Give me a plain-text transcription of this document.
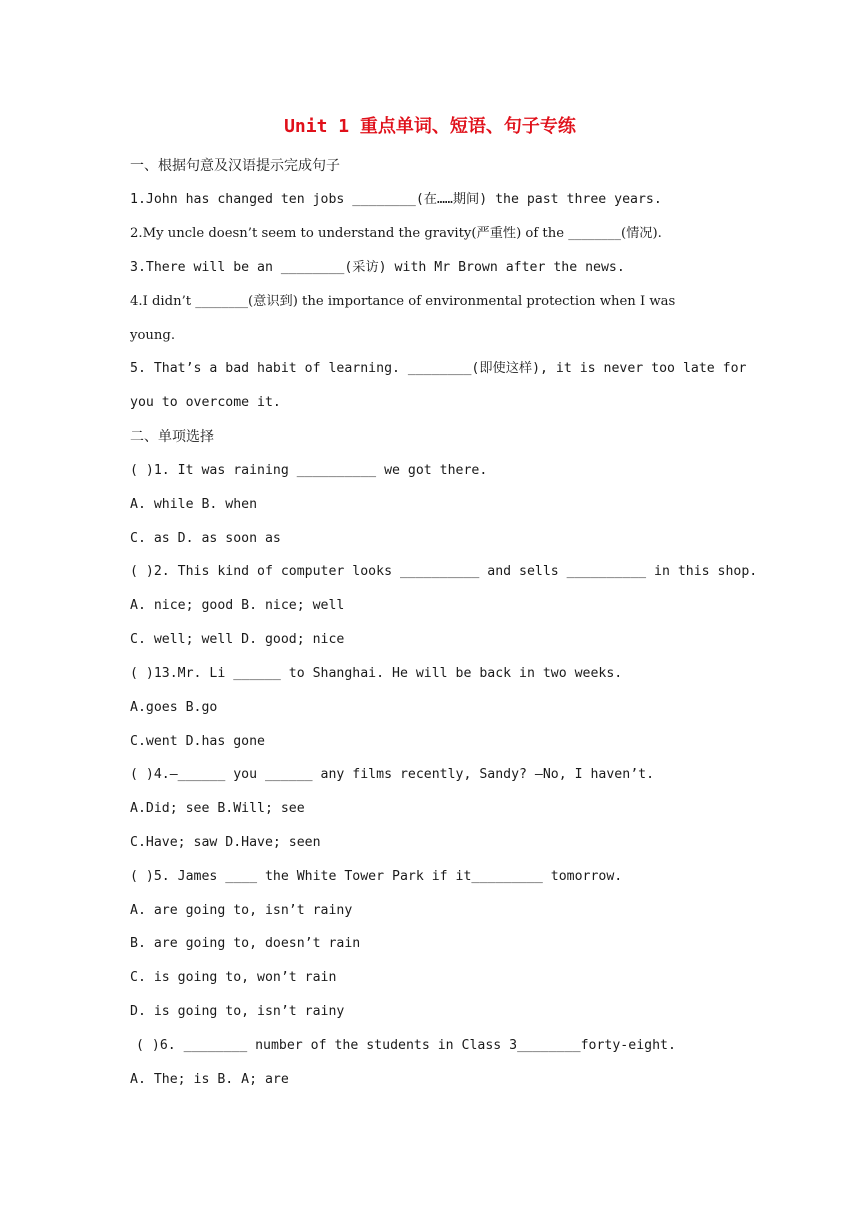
Unit 1 重点单词、短语、句子专练
一、根据句意及汉语提示完成句子
1.John has changed ten jobs ________(在……期间) the past three years.
2.My uncle doesn’t seem to understand the gravity(严重性) of the ________(情况).
3.There will be an ________(采访) with Mr Brown after the news.
4.I didn’t ________(意识到) the importance of environmental protection when I was
young.
5. That’s a bad habit of learning. ________(即使这样), it is never too late for
you to overcome it.
二、单项选择
( )1. It was raining __________ we got there.
A. while B. when
C. as D. as soon as
( )2. This kind of computer looks __________ and sells __________ in this shop.
A. nice; good B. nice; well
C. well; well D. good; nice
( )13.Mr. Li ______ to Shanghai. He will be back in two weeks.
A.goes B.go
C.went D.has gone
( )4.—______ you ______ any films recently, Sandy? —No, I haven’t.
A.Did; see B.Will; see
C.Have; saw D.Have; seen
( )5. James ____ the White Tower Park if it_________ tomorrow.
A. are going to, isn’t rainy
B. are going to, doesn’t rain
C. is going to, won’t rain
D. is going to, isn’t rainy
( )6. ________ number of the students in Class 3________forty-eight.
A. The; is B. A; are
